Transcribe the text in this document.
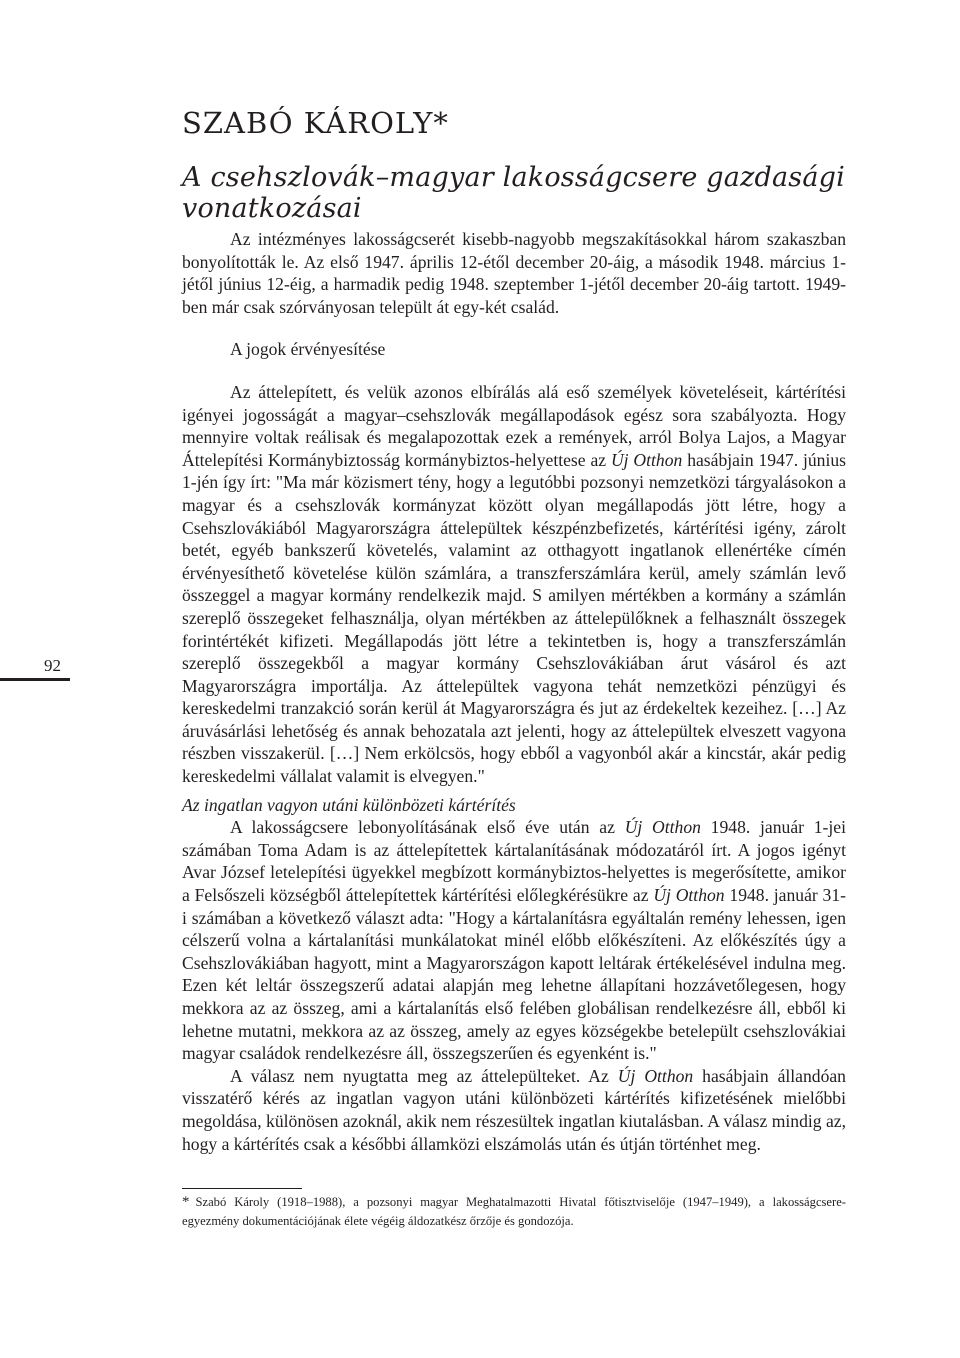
SZABÓ KÁROLY*
A csehszlovák–magyar lakosságcsere gazdasági vonatkozásai

Az intézményes lakosságcserét kisebb-nagyobb megszakításokkal három szakaszban bonyolították le. Az első 1947. április 12-étől december 20-áig, a második 1948. március 1-jétől június 12-éig, a harmadik pedig 1948. szeptember 1-jétől december 20-áig tartott. 1949-ben már csak szórványosan települt át egy-két család.

A jogok érvényesítése

Az áttelepített, és velük azonos elbírálás alá eső személyek követeléseit, kártérítési igényei jogosságát a magyar–csehszlovák megállapodások egész sora szabályozta. Hogy mennyire voltak reálisak és megalapozottak ezek a remények, arról Bolya Lajos, a Magyar Áttelepítési Kormánybiztosság kormánybiztos-helyettese az Új Otthon hasábjain 1947. június 1-jén így írt: "Ma már közismert tény, hogy a legutóbbi pozsonyi nemzetközi tárgyalásokon a magyar és a csehszlovák kormányzat között olyan megállapodás jött létre, hogy a Csehszlovákiából Magyarországra áttelepültek készpénzbefizetés, kártérítési igény, zárolt betét, egyéb bankszerű követelés, valamint az otthagyott ingatlanok ellenértéke címén érvényesíthető követelése külön számlára, a transzferszámlára kerül, amely számlán levő összeggel a magyar kormány rendelkezik majd. S amilyen mértékben a kormány a számlán szereplő összegeket felhasználja, olyan mértékben az áttelepülőknek a felhasznált összegek forintértékét kifizeti. Megállapodás jött létre a tekintetben is, hogy a transzferszámlán szereplő összegekből a magyar kormány Csehszlovákiában árut vásárol és azt Magyarországra importálja. Az áttelepültek vagyona tehát nemzetközi pénzügyi és kereskedelmi tranzakció során kerül át Magyarországra és jut az érdekeltek kezeihez. […] Az áruvásárlási lehetőség és annak behozatala azt jelenti, hogy az áttelepültek elveszett vagyona részben visszakerül. […] Nem erkölcsös, hogy ebből a vagyonból akár a kincstár, akár pedig kereskedelmi vállalat valamit is elvegyen."

Az ingatlan vagyon utáni különbözeti kártérítés

A lakosságcsere lebonyolításának első éve után az Új Otthon 1948. január 1-jei számában Toma Adam is az áttelepítettek kártalanításának módozatáról írt. A jogos igényt Avar József letelepítési ügyekkel megbízott kormánybiztos-helyettes is megerősítette, amikor a Felsőszeli községből áttelepítettek kártérítési előlegkérésükre az Új Otthon 1948. január 31-i számában a következő választ adta: "Hogy a kártalanításra egyáltalán remény lehessen, igen célszerű volna a kártalanítási munkálatokat minél előbb előkészíteni. Az előkészítés úgy a Csehszlovákiában hagyott, mint a Magyarországon kapott leltárak értékelésével indulna meg. Ezen két leltár összegszerű adatai alapján meg lehetne állapítani hozzávetőlegesen, hogy mekkora az az összeg, ami a kártalanítás első felében globálisan rendelkezésre áll, ebből ki lehetne mutatni, mekkora az az összeg, amely az egyes községekbe betelepült csehszlovákiai magyar családok rendelkezésre áll, összegszerűen és egyenként is."

A válasz nem nyugtatta meg az áttelepülteket. Az Új Otthon hasábjain állandóan visszatérő kérés az ingatlan vagyon utáni különbözeti kártérítés kifizetésének mielőbbi megoldása, különösen azoknál, akik nem részesültek ingatlan kiutalásban. A válasz mindig az, hogy a kártérítés csak a későbbi államközi elszámolás után és útján történhet meg.

92

* Szabó Károly (1918–1988), a pozsonyi magyar Meghatalmazotti Hivatal főtisztviselője (1947–1949), a lakosságcsere-egyezmény dokumentációjának élete végéig áldozatkész őrzője és gondozója.
